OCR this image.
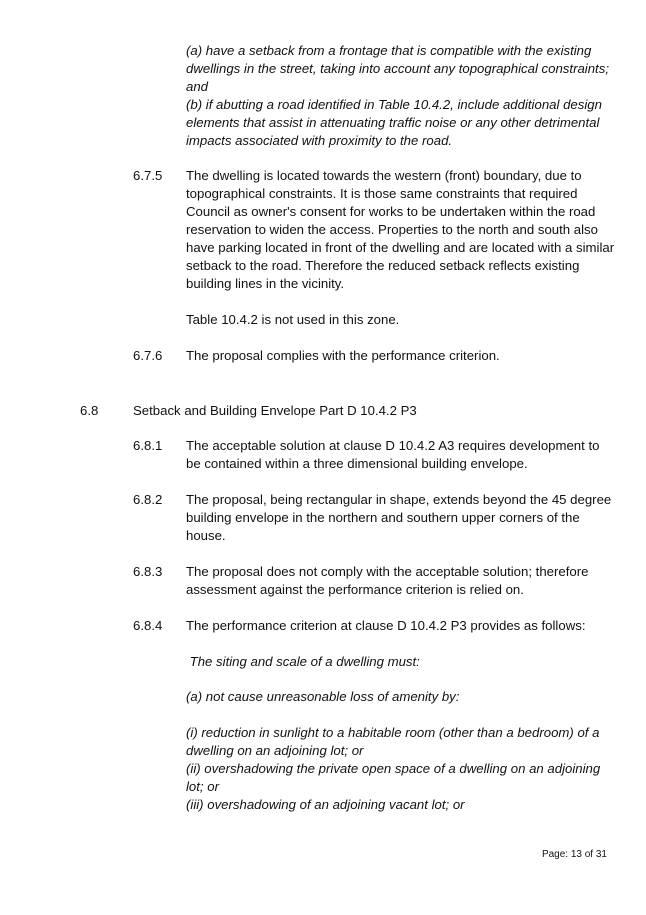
(a) have a setback from a frontage that is compatible with the existing
dwellings in the street, taking into account any topographical constraints;
and
(b) if abutting a road identified in Table 10.4.2, include additional design
elements that assist in attenuating traffic noise or any other detrimental
impacts associated with proximity to the road.
6.7.5 The dwelling is located towards the western (front) boundary, due to
topographical constraints. It is those same constraints that required
Council as owner's consent for works to be undertaken within the road
reservation to widen the access. Properties to the north and south also
have parking located in front of the dwelling and are located with a similar
setback to the road. Therefore the reduced setback reflects existing
building lines in the vicinity.
Table 10.4.2 is not used in this zone.
6.7.6 The proposal complies with the performance criterion.
6.8	Setback and Building Envelope Part D 10.4.2 P3
6.8.1 The acceptable solution at clause D 10.4.2 A3 requires development to
be contained within a three dimensional building envelope.
6.8.2 The proposal, being rectangular in shape, extends beyond the 45 degree
building envelope in the northern and southern upper corners of the
house.
6.8.3 The proposal does not comply with the acceptable solution; therefore
assessment against the performance criterion is relied on.
6.8.4 The performance criterion at clause D 10.4.2 P3 provides as follows:
The siting and scale of a dwelling must:
(a) not cause unreasonable loss of amenity by:
(i) reduction in sunlight to a habitable room (other than a bedroom) of a
dwelling on an adjoining lot; or
(ii) overshadowing the private open space of a dwelling on an adjoining
lot; or
(iii) overshadowing of an adjoining vacant lot; or
Page: 13 of 31
